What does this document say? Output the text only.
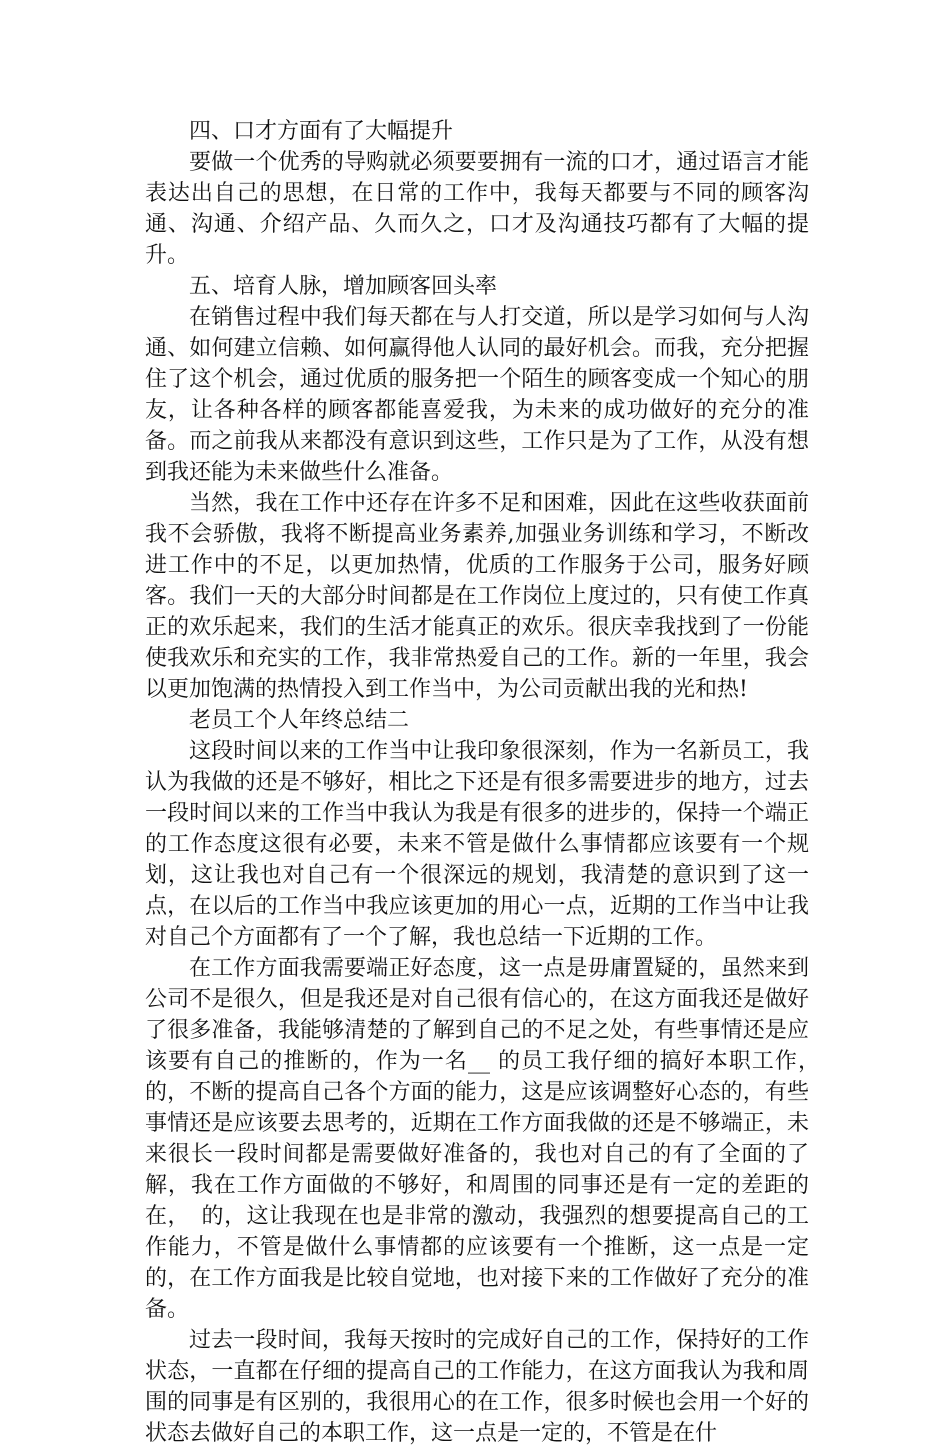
四、口才方面有了大幅提升

要做一个优秀的导购就必须要要拥有一流的口才，通过语言才能表达出自己的思想，在日常的工作中，我每天都要与不同的顾客沟通、沟通、介绍产品、久而久之，口才及沟通技巧都有了大幅的提升。

五、培育人脉，增加顾客回头率

在销售过程中我们每天都在与人打交道，所以是学习如何与人沟通、如何建立信赖、如何赢得他人认同的最好机会。而我，充分把握住了这个机会，通过优质的服务把一个陌生的顾客变成一个知心的朋友，让各种各样的顾客都能喜爱我，为未来的成功做好的充分的准备。而之前我从来都没有意识到这些，工作只是为了工作，从没有想到我还能为未来做些什么准备。

当然，我在工作中还存在许多不足和困难，因此在这些收获面前我不会骄傲，我将不断提高业务素养,加强业务训练和学习，不断改进工作中的不足，以更加热情，优质的工作服务于公司，服务好顾客。我们一天的大部分时间都是在工作岗位上度过的，只有使工作真正的欢乐起来，我们的生活才能真正的欢乐。很庆幸我找到了一份能使我欢乐和充实的工作，我非常热爱自己的工作。新的一年里，我会以更加饱满的热情投入到工作当中，为公司贡献出我的光和热!

老员工个人年终总结二

这段时间以来的工作当中让我印象很深刻，作为一名新员工，我认为我做的还是不够好，相比之下还是有很多需要进步的地方，过去一段时间以来的工作当中我认为我是有很多的进步的，保持一个端正的工作态度这很有必要，未来不管是做什么事情都应该要有一个规划，这让我也对自己有一个很深远的规划，我清楚的意识到了这一点，在以后的工作当中我应该更加的用心一点，近期的工作当中让我对自己个方面都有了一个了解，我也总结一下近期的工作。

在工作方面我需要端正好态度，这一点是毋庸置疑的，虽然来到公司不是很久，但是我还是对自己很有信心的，在这方面我还是做好了很多准备，我能够清楚的了解到自己的不足之处，有些事情还是应该要有自己的推断的，作为一名__ 的员工我仔细的搞好本职工作，　的，不断的提高自己各个方面的能力，这是应该调整好心态的，有些事情还是应该要去思考的，近期在工作方面我做的还是不够端正，未来很长一段时间都是需要做好准备的，我也对自己的有了全面的了解，我在工作方面做的不够好，和周围的同事还是有一定的差距的在，　的，这让我现在也是非常的激动，我强烈的想要提高自己的工作能力，不管是做什么事情都的应该要有一个推断，这一点是一定的，在工作方面我是比较自觉地，也对接下来的工作做好了充分的准备。

过去一段时间，我每天按时的完成好自己的工作，保持好的工作状态，一直都在仔细的提高自己的工作能力，在这方面我认为我和周围的同事是有区别的，我很用心的在工作，很多时候也会用一个好的状态去做好自己的本职工作，这一点是一定的，不管是在什
